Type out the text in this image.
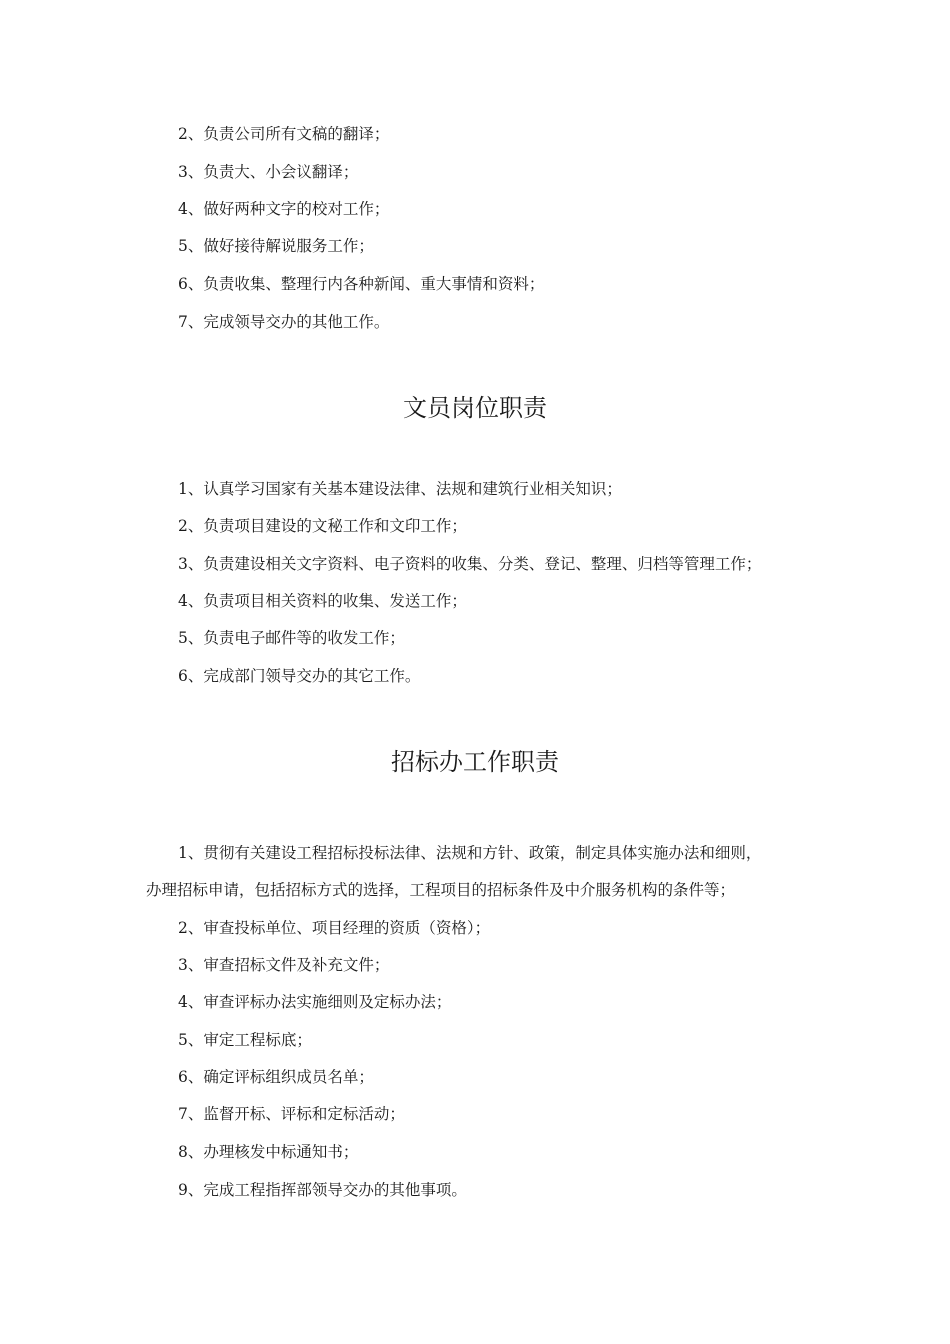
2、负责公司所有文稿的翻译；
3、负责大、小会议翻译；
4、做好两种文字的校对工作；
5、做好接待解说服务工作；
6、负责收集、整理行内各种新闻、重大事情和资料；
7、完成领导交办的其他工作。
文员岗位职责
1、认真学习国家有关基本建设法律、法规和建筑行业相关知识；
2、负责项目建设的文秘工作和文印工作；
3、负责建设相关文字资料、电子资料的收集、分类、登记、整理、归档等管理工作；
4、负责项目相关资料的收集、发送工作；
5、负责电子邮件等的收发工作；
6、完成部门领导交办的其它工作。
招标办工作职责
1、贯彻有关建设工程招标投标法律、法规和方针、政策，制定具体实施办法和细则，
办理招标申请，包括招标方式的选择，工程项目的招标条件及中介服务机构的条件等；
2、审查投标单位、项目经理的资质（资格）；
3、审查招标文件及补充文件；
4、审查评标办法实施细则及定标办法；
5、审定工程标底；
6、确定评标组织成员名单；
7、监督开标、评标和定标活动；
8、办理核发中标通知书；
9、完成工程指挥部领导交办的其他事项。
